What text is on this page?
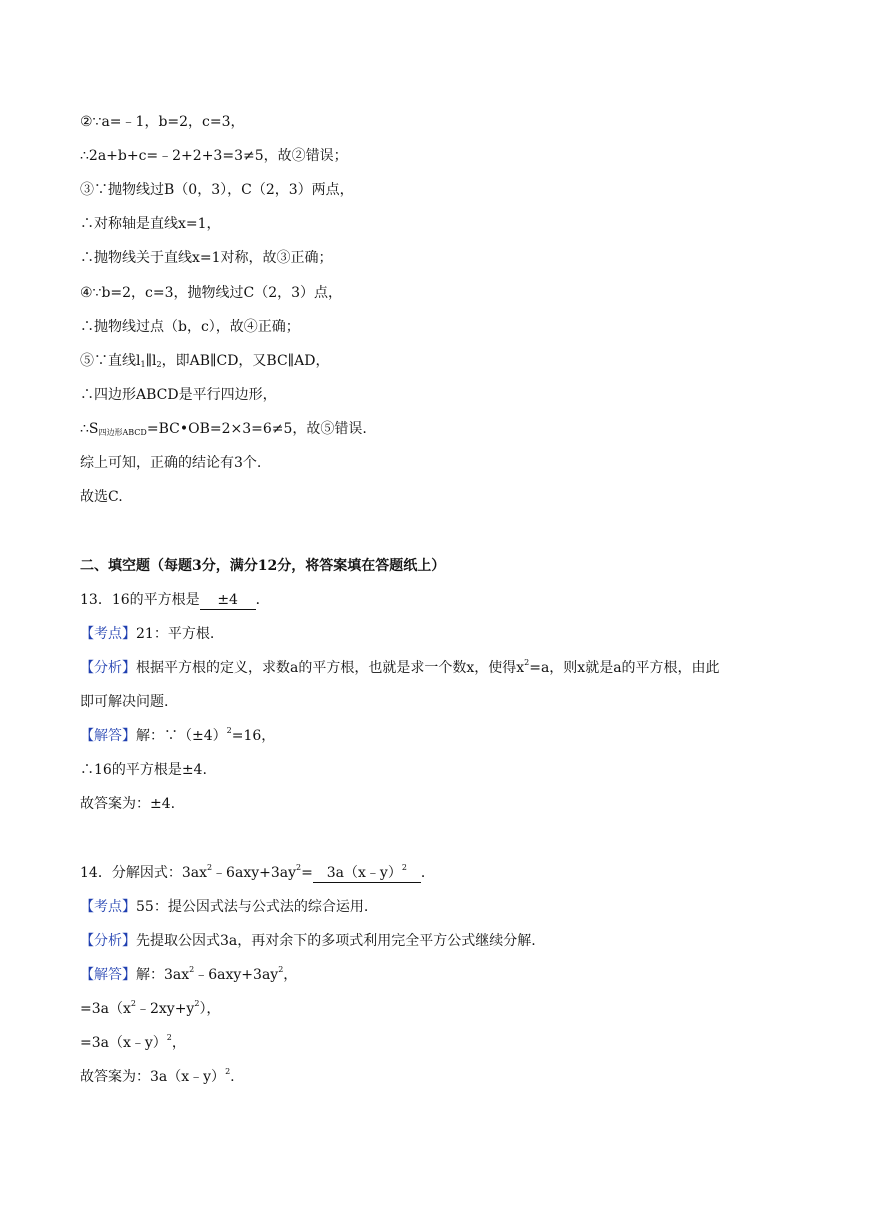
②∵a=﹣1，b=2，c=3，
∴2a+b+c=﹣2+2+3=3≠5，故②错误；
③∵抛物线过B（0，3），C（2，3）两点，
∴对称轴是直线x=1，
∴抛物线关于直线x=1对称，故③正确；
④∵b=2，c=3，抛物线过C（2，3）点，
∴抛物线过点（b，c），故④正确；
⑤∵直线$l_1\parallel l_2$，即AB∥CD，又BC∥AD，
∴四边形ABCD是平行四边形，
∴S四边形ABCD=BC•OB=2×3=6≠5，故⑤错误.
综上可知，正确的结论有3个.
故选C.
二、填空题（每题3分，满分12分，将答案填在答题纸上）
13．16的平方根是 ±4 ．
【考点】21：平方根.
【分析】根据平方根的定义，求数a的平方根，也就是求一个数x，使得$x^2=a$，则x就是a的平方根，由此
即可解决问题.
【解答】解：$\because(\pm 4)^2=16$，
∴16的平方根是±4.
故答案为：±4.
14．分解因式：$3ax^2﹣6axy+3ay^2=$ 3a（x﹣y）$^2$ ．
【考点】55：提公因式法与公式法的综合运用.
【分析】先提取公因式3a，再对余下的多项式利用完全平方公式继续分解.
【解答】解：$3ax^2﹣6axy+3ay^2$，
$=3a(x^2﹣2xy+y^2)$，
=3a（x﹣y）$^2$，
故答案为：3a（x﹣y）$^2$.
